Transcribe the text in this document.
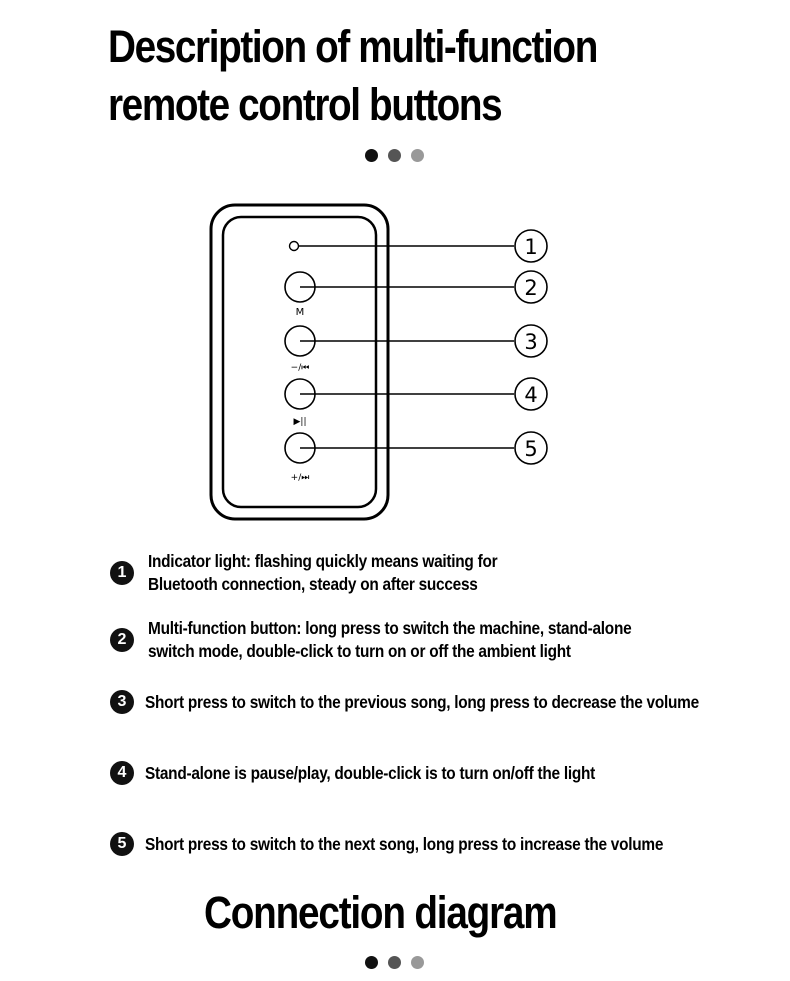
Description of multi-function
remote control buttons
M
−/⏮
▶||
+/⏭
1
2
3
4
5
1
Indicator light: flashing quickly means waiting for
Bluetooth connection, steady on after success
2
Multi-function button: long press to switch the machine, stand-alone
switch mode, double-click to turn on or off the ambient light
3	Short press to switch to the previous song, long press to decrease the volume
4	Stand-alone is pause/play, double-click is to turn on/off the light
5	Short press to switch to the next song, long press to increase the volume
Connection diagram
